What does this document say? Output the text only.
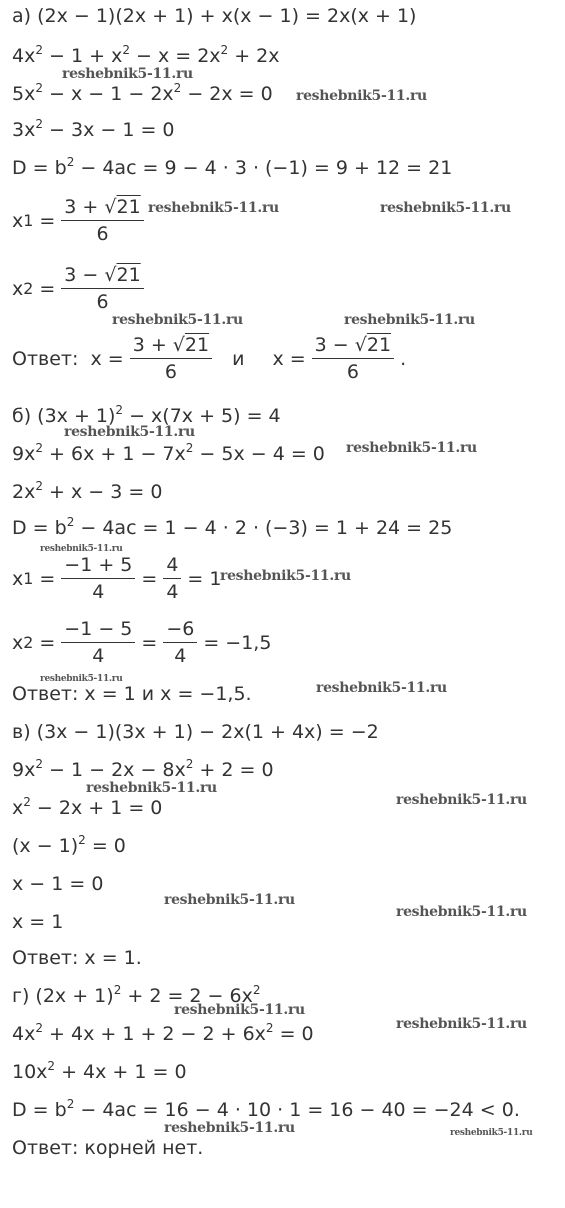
а) (2x − 1)(2x + 1) + x(x − 1) = 2x(x + 1)
$4x^2 - 1 + x^2 - x = 2x^2 + 2x$
$5x^2 - x - 1 - 2x^2 - 2x = 0$
$3x^2 - 3x - 1 = 0$
$D = b^2 - 4ac = 9 - 4 \cdot 3 \cdot (-1) = 9 + 12 = 21$
x 1
= $\frac{3 + √21}{6}$
x 2
= $\frac{3 - √21}{6}$
Ответ:
$x = \frac{3 + √21}{6}$ и $x = \frac{3 - √21}{6}$ .
б) $(3x + 1)^2 - x(7x + 5) = 4$
$9x^2 + 6x + 1 - 7x^2 - 5x - 4 = 0$
$2x^2 + x - 3 = 0$
$D = b^2 - 4ac = 1 - 4 \cdot 2 \cdot (-3) = 1 + 24 = 25$
x 1
= $\frac{-1 + 5}{4} = \frac{4}{4} = 1$
x 2
= $\frac{-1 - 5}{4} = \frac{-6}{4} = -1,5$
Ответ: x = 1 и x = −1,5.
в) (3x − 1)(3x + 1) − 2x(1 + 4x) = −2
$9x^2 - 1 - 2x - 8x^2 + 2 = 0$
$x^2 - 2x + 1 = 0$
$(x - 1)^2 = 0$
x − 1 = 0
x = 1
Ответ: x = 1.
г) $(2x + 1)^2 + 2 = 2 - 6x^2$
$4x^2 + 4x + 1 + 2 - 2 + 6x^2 = 0$
$10x^2 + 4x + 1 = 0$
$D = b^2 - 4ac = 16 - 4 \cdot 10 \cdot 1 = 16 - 40 = -24 < 0$.
Ответ: корней нет.
reshebnik5-11.ru
reshebnik5-11.ru
reshebnik5-11.ru	reshebnik5-11.ru
reshebnik5-11.ru	reshebnik5-11.ru
reshebnik5-11.ru
reshebnik5-11.ru
reshebnik5-11.ru
reshebnik5-11.ru
reshebnik5-11.ru
reshebnik5-11.ru
reshebnik5-11.ru
reshebnik5-11.ru
reshebnik5-11.ru
reshebnik5-11.ru
reshebnik5-11.ru
reshebnik5-11.ru
reshebnik5-11.ru	reshebnik5-11.ru
